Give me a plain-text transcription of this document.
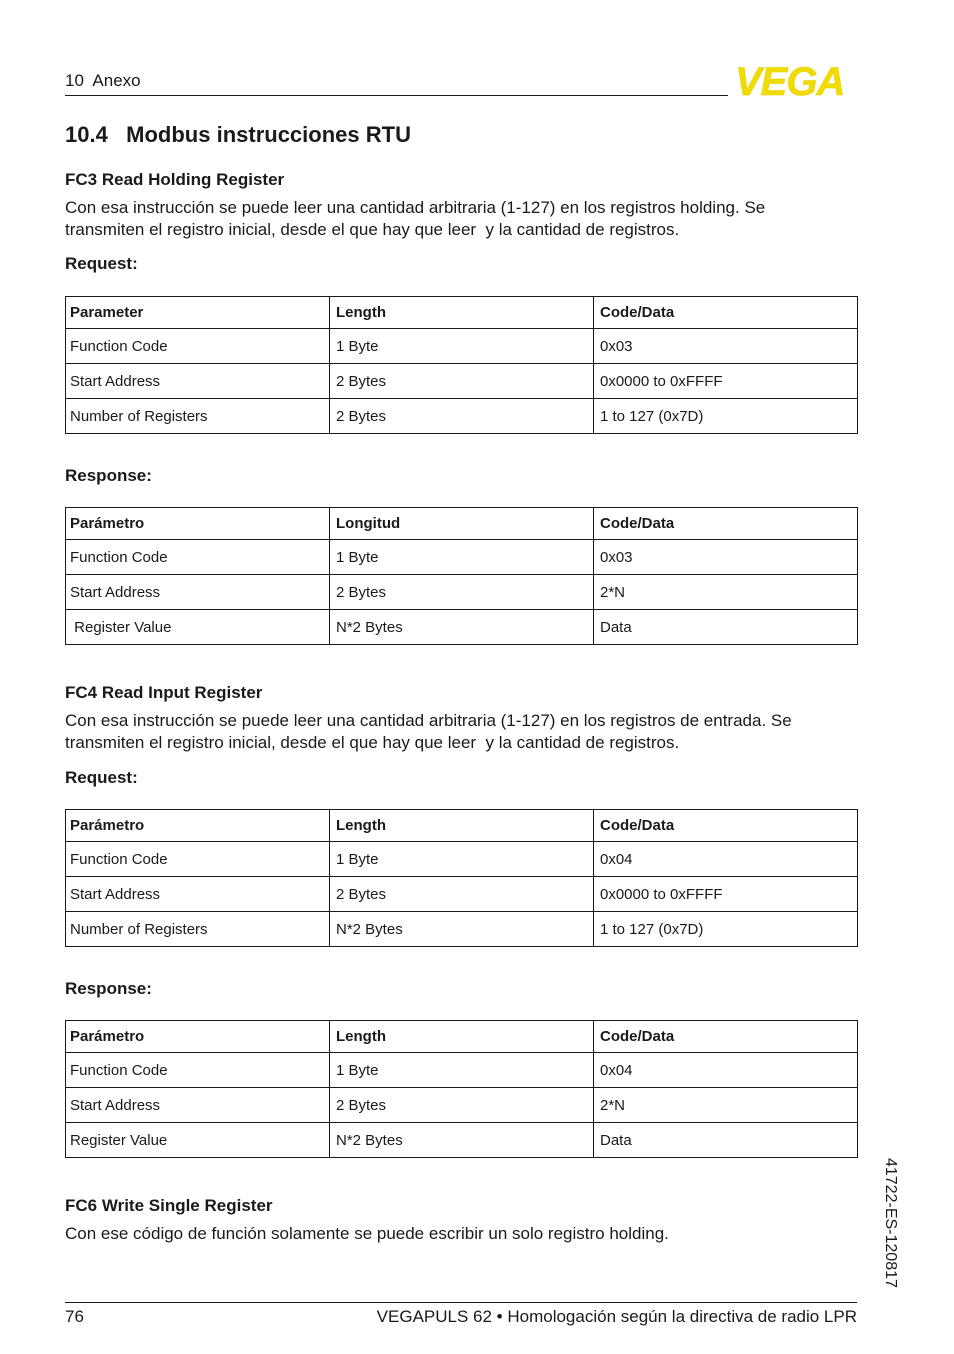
10  Anexo	VEGA
10.4   Modbus instrucciones RTU
FC3 Read Holding Register
Con esa instrucción se puede leer una cantidad arbitraria (1-127) en los registros holding. Se
transmiten el registro inicial, desde el que hay que leer  y la cantidad de registros.
Request:
Parameter	Length	Code/Data
Function Code	1 Byte	0x03
Start Address	2 Bytes	0x0000 to 0xFFFF
Number of Registers	2 Bytes	1 to 127 (0x7D)
Response:
Parámetro	Longitud	Code/Data
Function Code	1 Byte	0x03
Start Address	2 Bytes	2*N
Register Value	N*2 Bytes	Data
FC4 Read Input Register
Con esa instrucción se puede leer una cantidad arbitraria (1-127) en los registros de entrada. Se
transmiten el registro inicial, desde el que hay que leer  y la cantidad de registros.
Request:
Parámetro	Length	Code/Data
Function Code	1 Byte	0x04
Start Address	2 Bytes	0x0000 to 0xFFFF
Number of Registers	N*2 Bytes	1 to 127 (0x7D)
Response:
Parámetro	Length	Code/Data
Function Code	1 Byte	0x04
Start Address	2 Bytes	2*N
Register Value	N*2 Bytes	Data
FC6 Write Single Register
Con ese código de función solamente se puede escribir un solo registro holding.	41722-ES-120817
76	VEGAPULS 62 • Homologación según la directiva de radio LPR
